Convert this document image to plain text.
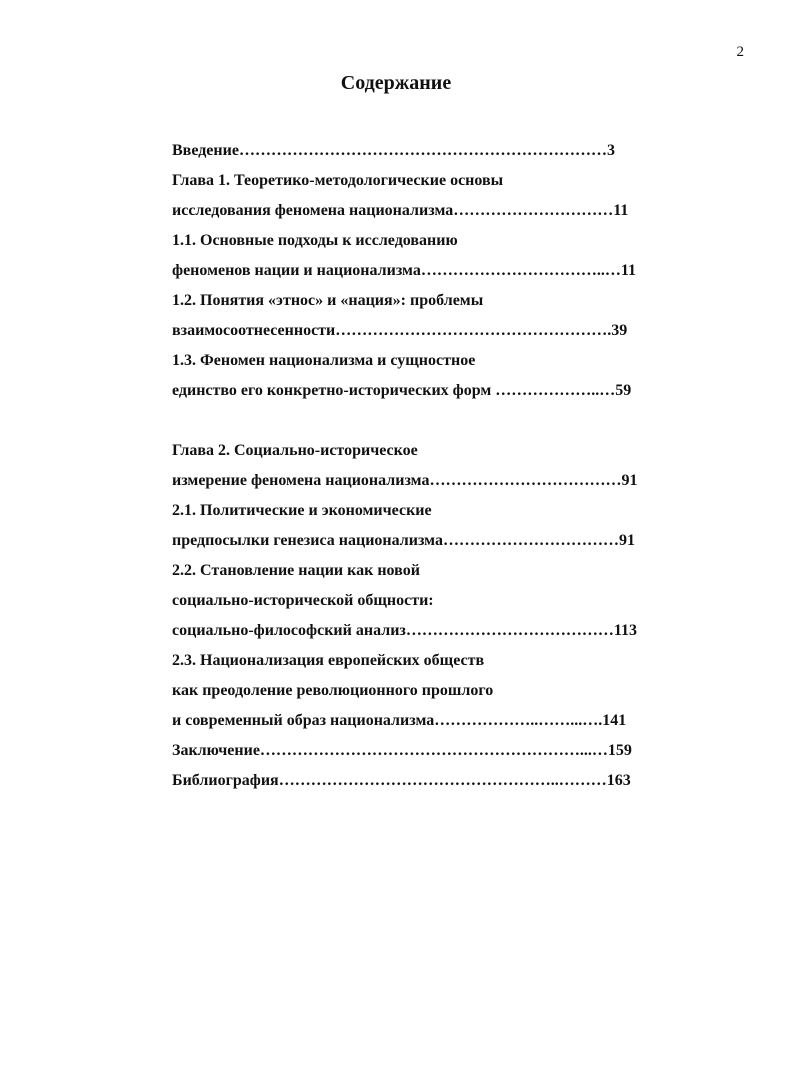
2
Содержание
Введение……………………………………………………………3
Глава 1. Теоретико-методологические основы
исследования феномена национализма…………………………11
1.1. Основные подходы к исследованию
феноменов нации и национализма……………………………..…11
1.2. Понятия «этнос» и «нация»: проблемы
взаимосоотнесенности…………………………………………….39
1.3. Феномен национализма и сущностное
единство его конкретно-исторических форм ………………..…59
Глава 2. Социально-историческое
измерение феномена национализма………………………………91
2.1. Политические и экономические
предпосылки генезиса национализма……………………………91
2.2. Становление нации как новой
социально-исторической общности:
социально-философский анализ…………………………………113
2.3. Национализация европейских обществ
как преодоление революционного прошлого
и современный образ национализма………………..……...….141
Заключение……………………………………………………...…159
Библиография……………………………………………..………163
